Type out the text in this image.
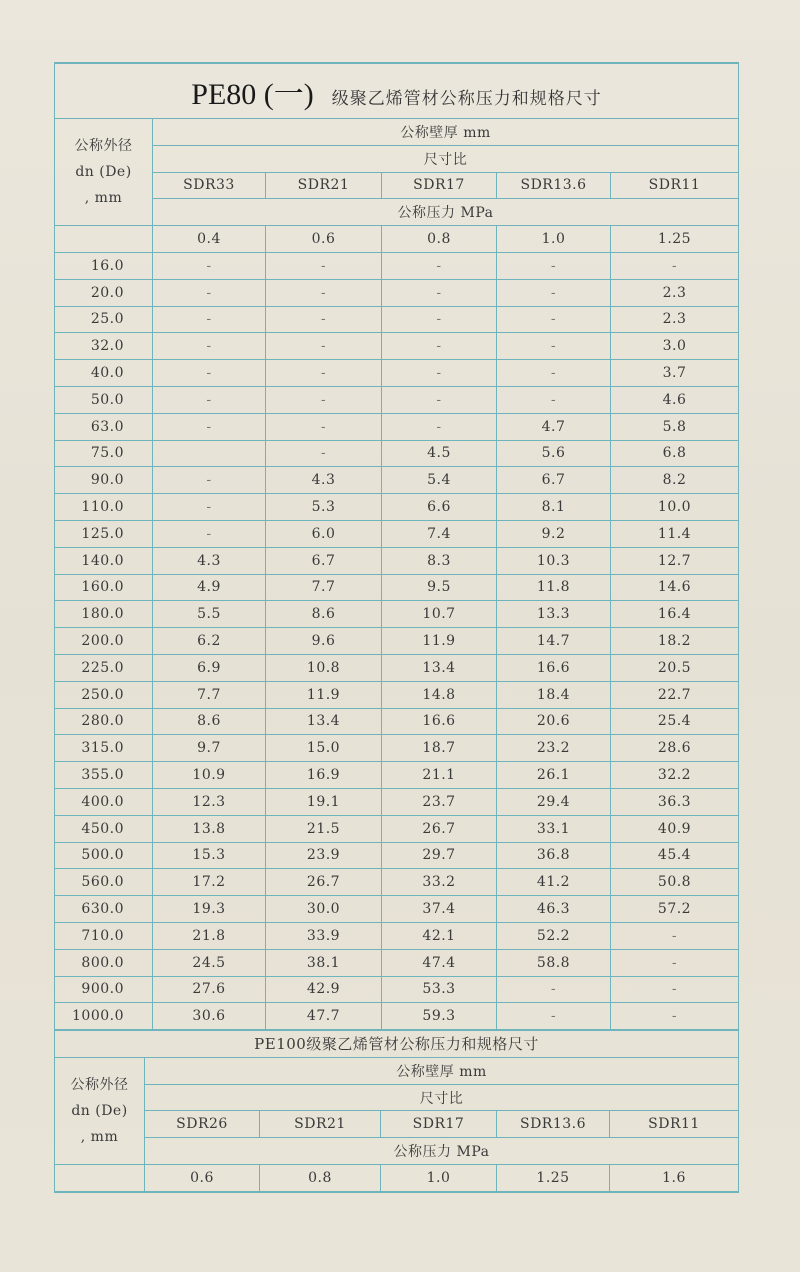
PE80 (一) 级聚乙烯管材公称压力和规格尺寸					

公称外径
dn (De)
, mm	公称壁厚 mm				
	尺寸比				
	SDR33	SDR21	SDR17	SDR13.6	SDR11
	公称压力 MPa				
	0.4	0.6	0.8	1.0	1.25
16.0	-	-	-	-	-
20.0	-	-	-	-	2.3
25.0	-	-	-	-	2.3
32.0	-	-	-	-	3.0
40.0	-	-	-	-	3.7
50.0	-	-	-	-	4.6
63.0	-	-	-	4.7	5.8
75.0		-	4.5	5.6	6.8
90.0	-	4.3	5.4	6.7	8.2
110.0	-	5.3	6.6	8.1	10.0
125.0	-	6.0	7.4	9.2	11.4
140.0	4.3	6.7	8.3	10.3	12.7
160.0	4.9	7.7	9.5	11.8	14.6
180.0	5.5	8.6	10.7	13.3	16.4
200.0	6.2	9.6	11.9	14.7	18.2
225.0	6.9	10.8	13.4	16.6	20.5
250.0	7.7	11.9	14.8	18.4	22.7
280.0	8.6	13.4	16.6	20.6	25.4
315.0	9.7	15.0	18.7	23.2	28.6
355.0	10.9	16.9	21.1	26.1	32.2
400.0	12.3	19.1	23.7	29.4	36.3
450.0	13.8	21.5	26.7	33.1	40.9
500.0	15.3	23.9	29.7	36.8	45.4
560.0	17.2	26.7	33.2	41.2	50.8
630.0	19.3	30.0	37.4	46.3	57.2
710.0	21.8	33.9	42.1	52.2	-
800.0	24.5	38.1	47.4	58.8	-
900.0	27.6	42.9	53.3	-	-
1000.0	30.6	47.7	59.3	-	-
PE100级聚乙烯管材公称压力和规格尺寸					

公称外径
dn (De)
, mm	公称壁厚 mm				
	尺寸比				
	SDR26	SDR21	SDR17	SDR13.6	SDR11
	公称压力 MPa				
	0.6	0.8	1.0	1.25	1.6
